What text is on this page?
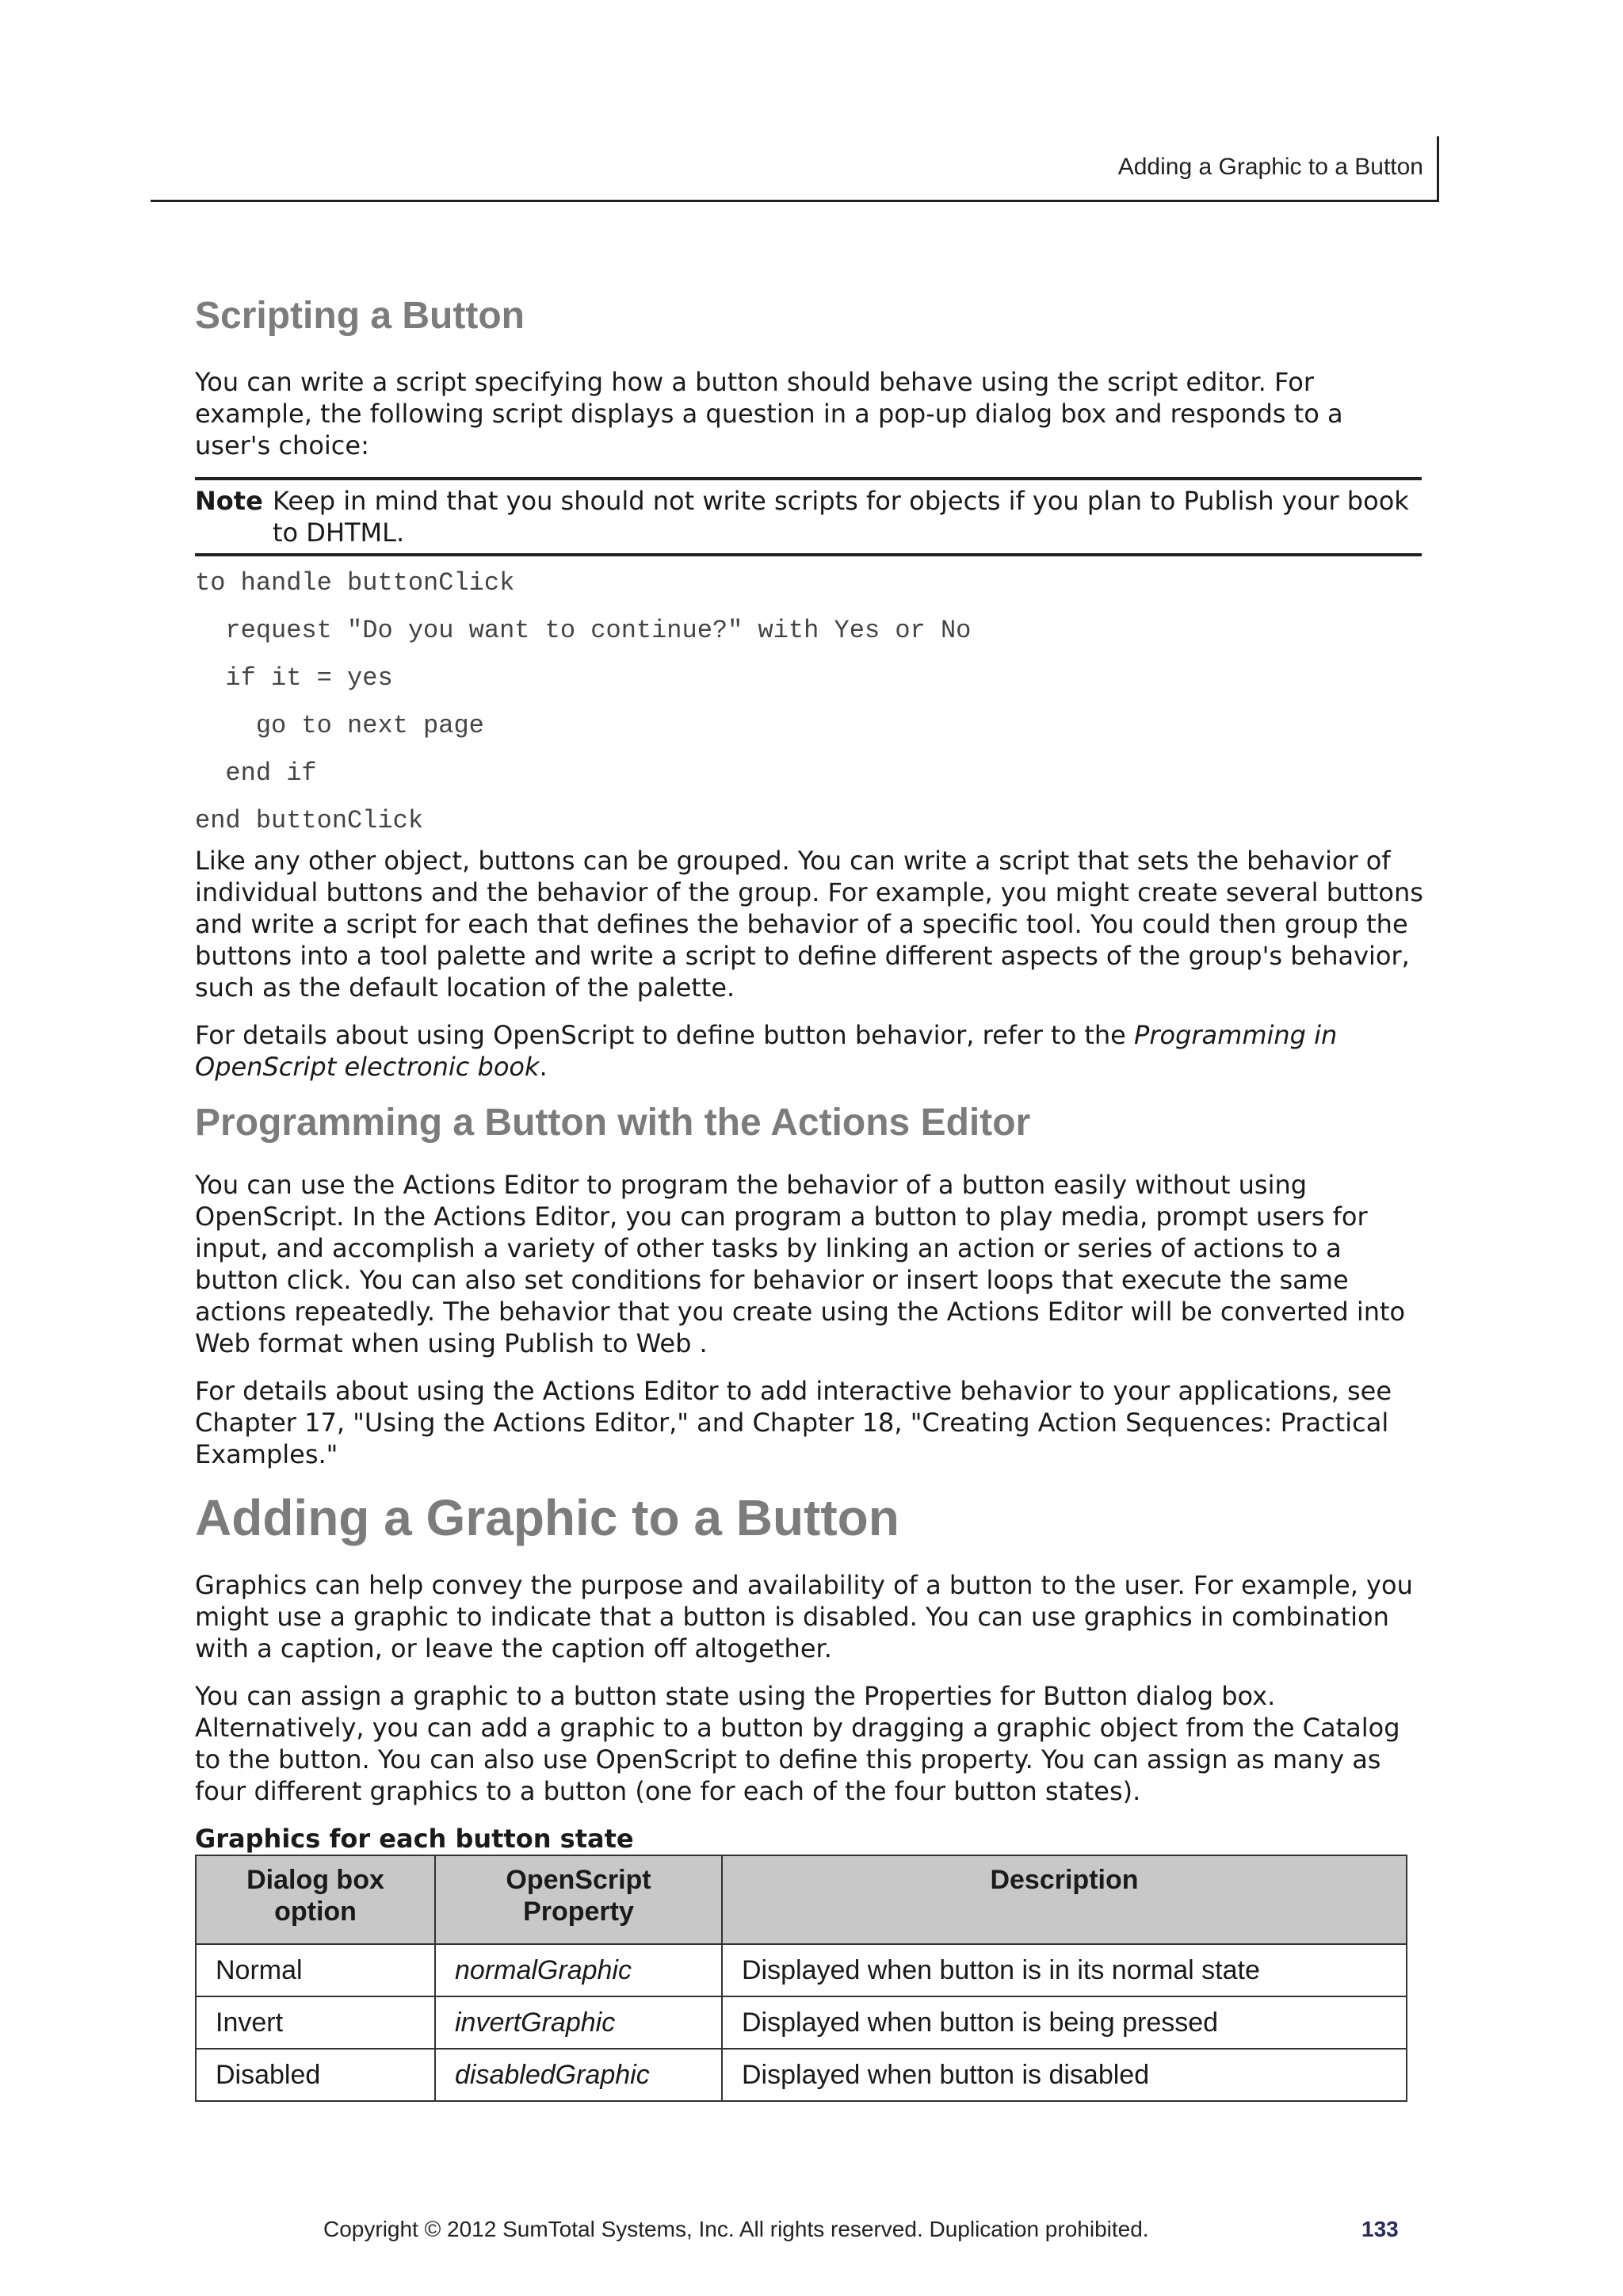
Adding a Graphic to a Button
Scripting a Button

You can write a script specifying how a button should behave using the script editor. For example, the following script displays a question in a pop-up dialog box and responds to a user's choice:

Note Keep in mind that you should not write scripts for objects if you plan to Publish your book to DHTML.
to handle buttonClick
request "Do you want to continue?" with Yes or No
if it = yes
go to next page
end if
end buttonClick

Like any other object, buttons can be grouped. You can write a script that sets the behavior of individual buttons and the behavior of the group. For example, you might create several buttons and write a script for each that defines the behavior of a specific tool. You could then group the buttons into a tool palette and write a script to define different aspects of the group's behavior, such as the default location of the palette.

For details about using OpenScript to define button behavior, refer to the Programming in OpenScript electronic book.

Programming a Button with the Actions Editor

You can use the Actions Editor to program the behavior of a button easily without using OpenScript. In the Actions Editor, you can program a button to play media, prompt users for input, and accomplish a variety of other tasks by linking an action or series of actions to a button click. You can also set conditions for behavior or insert loops that execute the same actions repeatedly. The behavior that you create using the Actions Editor will be converted into Web format when using Publish to Web .

For details about using the Actions Editor to add interactive behavior to your applications, see Chapter 17, "Using the Actions Editor," and Chapter 18, "Creating Action Sequences: Practical Examples."

Adding a Graphic to a Button

Graphics can help convey the purpose and availability of a button to the user. For example, you might use a graphic to indicate that a button is disabled. You can use graphics in combination with a caption, or leave the caption off altogether.

You can assign a graphic to a button state using the Properties for Button dialog box. Alternatively, you can add a graphic to a button by dragging a graphic object from the Catalog to the button. You can also use OpenScript to define this property. You can assign as many as four different graphics to a button (one for each of the four button states).

Graphics for each button state
Dialog box option	OpenScript Property	Description
Normal	normalGraphic	Displayed when button is in its normal state
Invert	invertGraphic	Displayed when button is being pressed
Disabled	disabledGraphic	Displayed when button is disabled
Copyright © 2012 SumTotal Systems, Inc. All rights reserved. Duplication prohibited.	133
